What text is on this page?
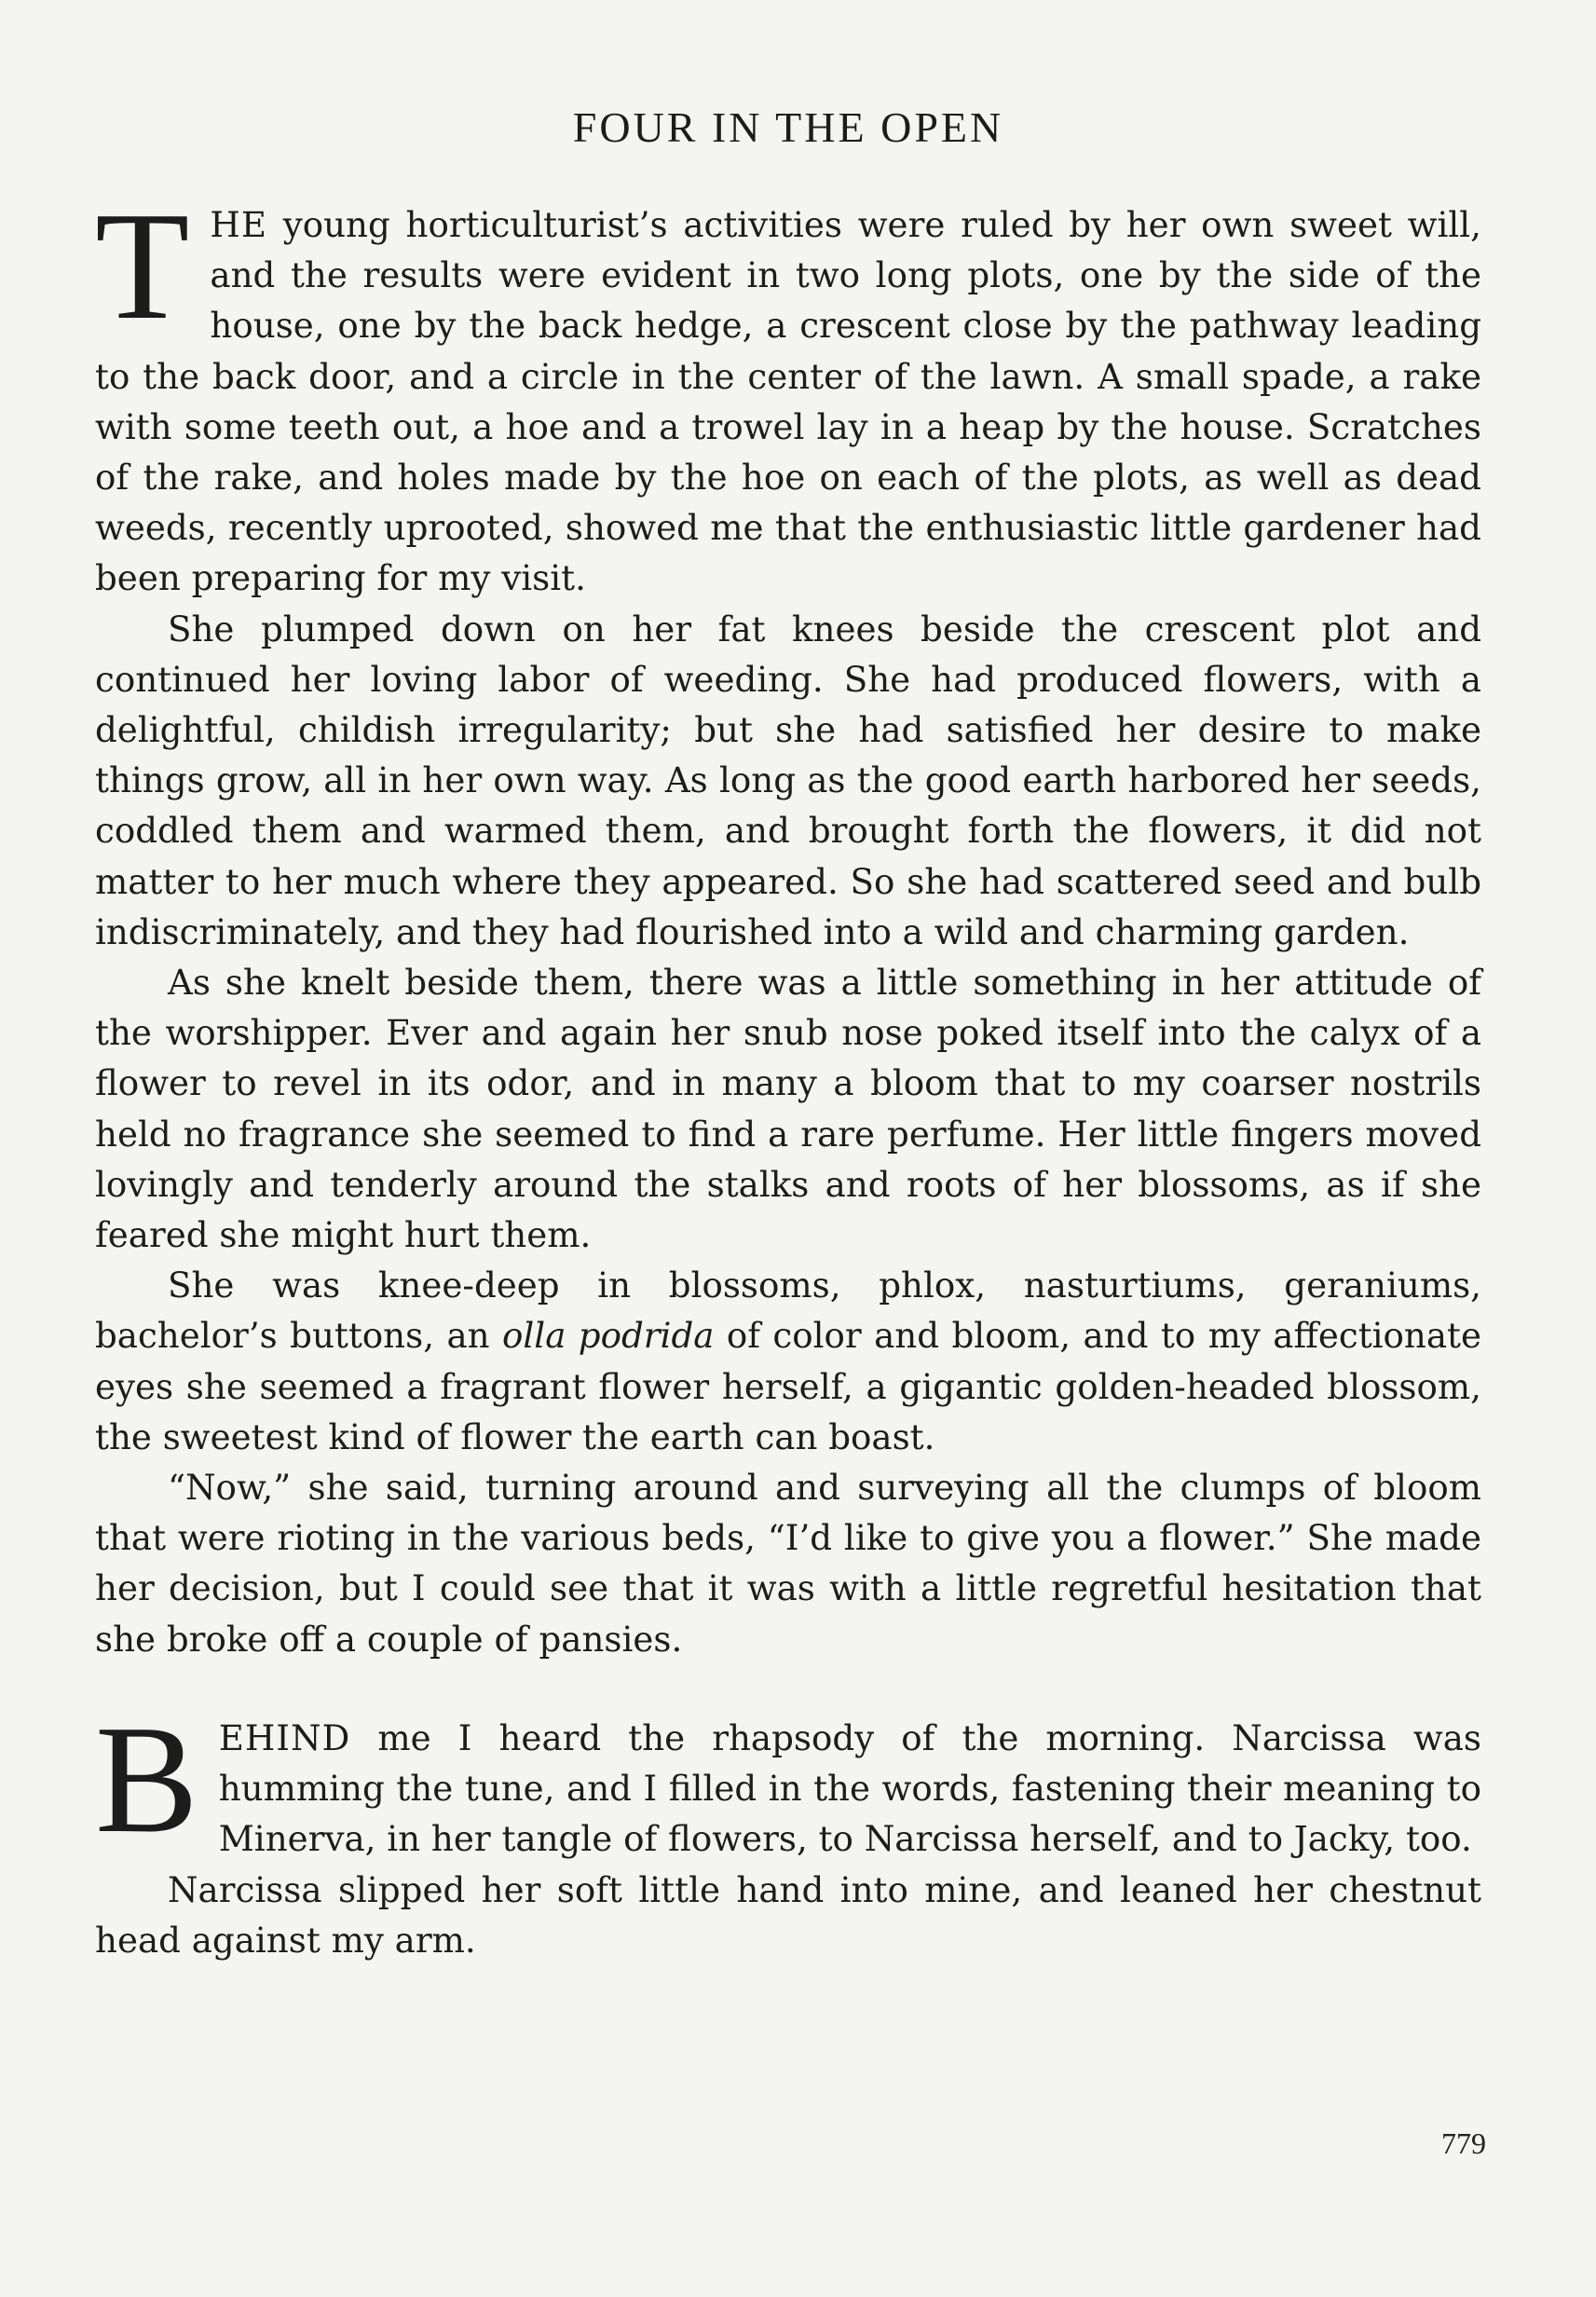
FOUR IN THE OPEN

THE young horticulturist’s activities were ruled by her own sweet will, and the results were evident in two long plots, one by the side of the house, one by the back hedge, a crescent close by the pathway leading to the back door, and a circle in the center of the lawn. A small spade, a rake with some teeth out, a hoe and a trowel lay in a heap by the house. Scratches of the rake, and holes made by the hoe on each of the plots, as well as dead weeds, recently uprooted, showed me that the enthusiastic little gardener had been preparing for my visit.

She plumped down on her fat knees beside the crescent plot and continued her loving labor of weeding. She had produced flowers, with a delightful, childish irregularity; but she had satisfied her desire to make things grow, all in her own way. As long as the good earth harbored her seeds, coddled them and warmed them, and brought forth the flowers, it did not matter to her much where they appeared. So she had scattered seed and bulb indiscriminately, and they had flourished into a wild and charming garden.

As she knelt beside them, there was a little something in her attitude of the worshipper. Ever and again her snub nose poked itself into the calyx of a flower to revel in its odor, and in many a bloom that to my coarser nostrils held no fragrance she seemed to find a rare perfume. Her little fingers moved lovingly and tenderly around the stalks and roots of her blossoms, as if she feared she might hurt them.

She was knee-deep in blossoms, phlox, nasturtiums, geraniums, bachelor’s buttons, an olla podrida of color and bloom, and to my affectionate eyes she seemed a fragrant flower herself, a gigantic golden-headed blossom, the sweetest kind of flower the earth can boast.

“Now,” she said, turning around and surveying all the clumps of bloom that were rioting in the various beds, “I’d like to give you a flower.” She made her decision, but I could see that it was with a little regretful hesitation that she broke off a couple of pansies.

BEHIND me I heard the rhapsody of the morning. Narcissa was humming the tune, and I filled in the words, fastening their meaning to Minerva, in her tangle of flowers, to Narcissa herself, and to Jacky, too.

Narcissa slipped her soft little hand into mine, and leaned her chestnut head against my arm.

779
